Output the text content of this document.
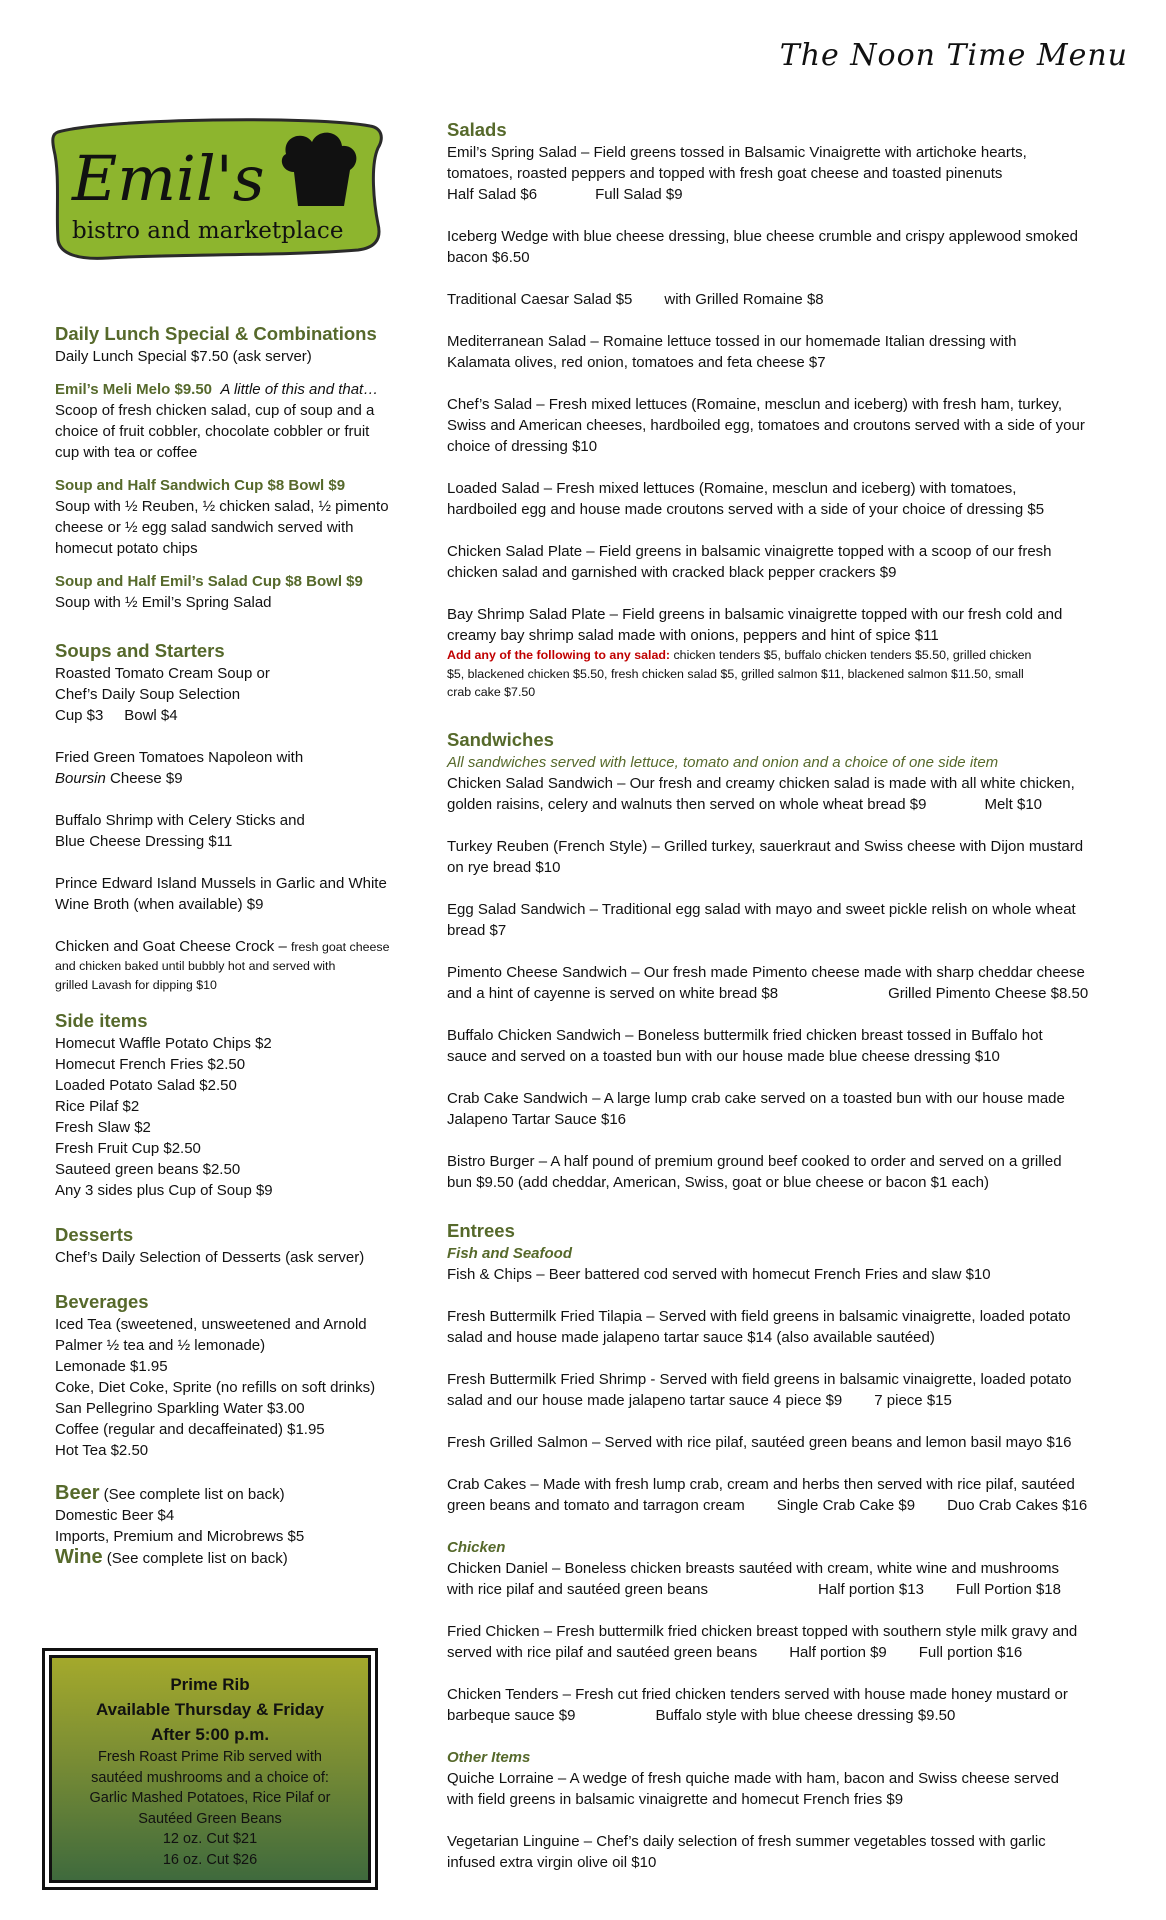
The Noon Time Menu
Emil's
bistro and marketplace
Daily Lunch Special & Combinations
Daily Lunch Special $7.50 (ask server)
Emil’s Meli Melo $9.50 A little of this and that…
Scoop of fresh chicken salad, cup of soup and a
choice of fruit cobbler, chocolate cobbler or fruit
cup with tea or coffee
Soup and Half Sandwich Cup $8 Bowl $9
Soup with ½ Reuben, ½ chicken salad, ½ pimento
cheese or ½ egg salad sandwich served with
homecut potato chips
Soup and Half Emil’s Salad Cup $8 Bowl $9
Soup with ½ Emil’s Spring Salad
Soups and Starters
Roasted Tomato Cream Soup or
Chef’s Daily Soup Selection
Cup $3 Bowl $4
Fried Green Tomatoes Napoleon with
Boursin Cheese $9
Buffalo Shrimp with Celery Sticks and
Blue Cheese Dressing $11
Prince Edward Island Mussels in Garlic and White
Wine Broth (when available) $9
Chicken and Goat Cheese Crock – fresh goat cheese
and chicken baked until bubbly hot and served with
grilled Lavash for dipping $10
Side items
Homecut Waffle Potato Chips $2
Homecut French Fries $2.50
Loaded Potato Salad $2.50
Rice Pilaf $2
Fresh Slaw $2
Fresh Fruit Cup $2.50
Sauteed green beans $2.50
Any 3 sides plus Cup of Soup $9
Desserts
Chef’s Daily Selection of Desserts (ask server)
Beverages
Iced Tea (sweetened, unsweetened and Arnold
Palmer ½ tea and ½ lemonade)
Lemonade $1.95
Coke, Diet Coke, Sprite (no refills on soft drinks)
San Pellegrino Sparkling Water $3.00
Coffee (regular and decaffeinated) $1.95
Hot Tea $2.50
Beer (See complete list on back)
Domestic Beer $4
Imports, Premium and Microbrews $5
Wine (See complete list on back)
Prime Rib
Available Thursday & Friday
After 5:00 p.m.
Fresh Roast Prime Rib served with
sautéed mushrooms and a choice of:
Garlic Mashed Potatoes, Rice Pilaf or
Sautéed Green Beans
12 oz. Cut $21
16 oz. Cut $26
Salads
Emil’s Spring Salad – Field greens tossed in Balsamic Vinaigrette with artichoke hearts,
tomatoes, roasted peppers and topped with fresh goat cheese and toasted pinenuts
Half Salad $6	Full Salad $9
Iceberg Wedge with blue cheese dressing, blue cheese crumble and crispy applewood smoked
bacon $6.50
Traditional Caesar Salad $5 with Grilled Romaine $8
Mediterranean Salad – Romaine lettuce tossed in our homemade Italian dressing with
Kalamata olives, red onion, tomatoes and feta cheese $7
Chef’s Salad – Fresh mixed lettuces (Romaine, mesclun and iceberg) with fresh ham, turkey,
Swiss and American cheeses, hardboiled egg, tomatoes and croutons served with a side of your
choice of dressing $10
Loaded Salad – Fresh mixed lettuces (Romaine, mesclun and iceberg) with tomatoes,
hardboiled egg and house made croutons served with a side of your choice of dressing $5
Chicken Salad Plate – Field greens in balsamic vinaigrette topped with a scoop of our fresh
chicken salad and garnished with cracked black pepper crackers $9
Bay Shrimp Salad Plate – Field greens in balsamic vinaigrette topped with our fresh cold and
creamy bay shrimp salad made with onions, peppers and hint of spice $11
Add any of the following to any salad: chicken tenders $5, buffalo chicken tenders $5.50, grilled chicken
$5, blackened chicken $5.50, fresh chicken salad $5, grilled salmon $11, blackened salmon $11.50, small
crab cake $7.50
Sandwiches
All sandwiches served with lettuce, tomato and onion and a choice of one side item
Chicken Salad Sandwich – Our fresh and creamy chicken salad is made with all white chicken,
golden raisins, celery and walnuts then served on whole wheat bread $9	Melt $10
Turkey Reuben (French Style) – Grilled turkey, sauerkraut and Swiss cheese with Dijon mustard
on rye bread $10
Egg Salad Sandwich – Traditional egg salad with mayo and sweet pickle relish on whole wheat
bread $7
Pimento Cheese Sandwich – Our fresh made Pimento cheese made with sharp cheddar cheese
and a hint of cayenne is served on white bread $8	Grilled Pimento Cheese $8.50
Buffalo Chicken Sandwich – Boneless buttermilk fried chicken breast tossed in Buffalo hot
sauce and served on a toasted bun with our house made blue cheese dressing $10
Crab Cake Sandwich – A large lump crab cake served on a toasted bun with our house made
Jalapeno Tartar Sauce $16
Bistro Burger – A half pound of premium ground beef cooked to order and served on a grilled
bun $9.50 (add cheddar, American, Swiss, goat or blue cheese or bacon $1 each)
Entrees
Fish and Seafood
Fish & Chips – Beer battered cod served with homecut French Fries and slaw $10
Fresh Buttermilk Fried Tilapia – Served with field greens in balsamic vinaigrette, loaded potato
salad and house made jalapeno tartar sauce $14 (also available sautéed)
Fresh Buttermilk Fried Shrimp - Served with field greens in balsamic vinaigrette, loaded potato
salad and our house made jalapeno tartar sauce 4 piece $9 7 piece $15
Fresh Grilled Salmon – Served with rice pilaf, sautéed green beans and lemon basil mayo $16
Crab Cakes – Made with fresh lump crab, cream and herbs then served with rice pilaf, sautéed
green beans and tomato and tarragon cream Single Crab Cake $9 Duo Crab Cakes $16
Chicken
Chicken Daniel – Boneless chicken breasts sautéed with cream, white wine and mushrooms
with rice pilaf and sautéed green beans	Half portion $13 Full Portion $18
Fried Chicken – Fresh buttermilk fried chicken breast topped with southern style milk gravy and
served with rice pilaf and sautéed green beans Half portion $9 Full portion $16
Chicken Tenders – Fresh cut fried chicken tenders served with house made honey mustard or
barbeque sauce $9	Buffalo style with blue cheese dressing $9.50
Other Items
Quiche Lorraine – A wedge of fresh quiche made with ham, bacon and Swiss cheese served
with field greens in balsamic vinaigrette and homecut French fries $9
Vegetarian Linguine – Chef’s daily selection of fresh summer vegetables tossed with garlic
infused extra virgin olive oil $10
